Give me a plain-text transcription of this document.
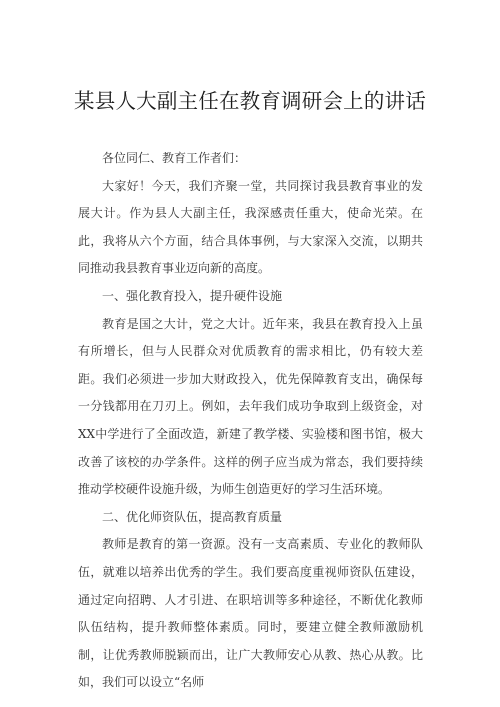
某县人大副主任在教育调研会上的讲话

各位同仁、教育工作者们：

大家好！今天，我们齐聚一堂，共同探讨我县教育事业的发展大计。作为县人大副主任，我深感责任重大，使命光荣。在此，我将从六个方面，结合具体事例，与大家深入交流，以期共同推动我县教育事业迈向新的高度。

一、强化教育投入，提升硬件设施

教育是国之大计，党之大计。近年来，我县在教育投入上虽有所增长，但与人民群众对优质教育的需求相比，仍有较大差距。我们必须进一步加大财政投入，优先保障教育支出，确保每一分钱都用在刀刃上。例如，去年我们成功争取到上级资金，对XX中学进行了全面改造，新建了教学楼、实验楼和图书馆，极大改善了该校的办学条件。这样的例子应当成为常态，我们要持续推动学校硬件设施升级，为师生创造更好的学习生活环境。

二、优化师资队伍，提高教育质量

教师是教育的第一资源。没有一支高素质、专业化的教师队伍，就难以培养出优秀的学生。我们要高度重视师资队伍建设，通过定向招聘、人才引进、在职培训等多种途径，不断优化教师队伍结构，提升教师整体素质。同时，要建立健全教师激励机制，让优秀教师脱颖而出，让广大教师安心从教、热心从教。比如，我们可以设立“名师
